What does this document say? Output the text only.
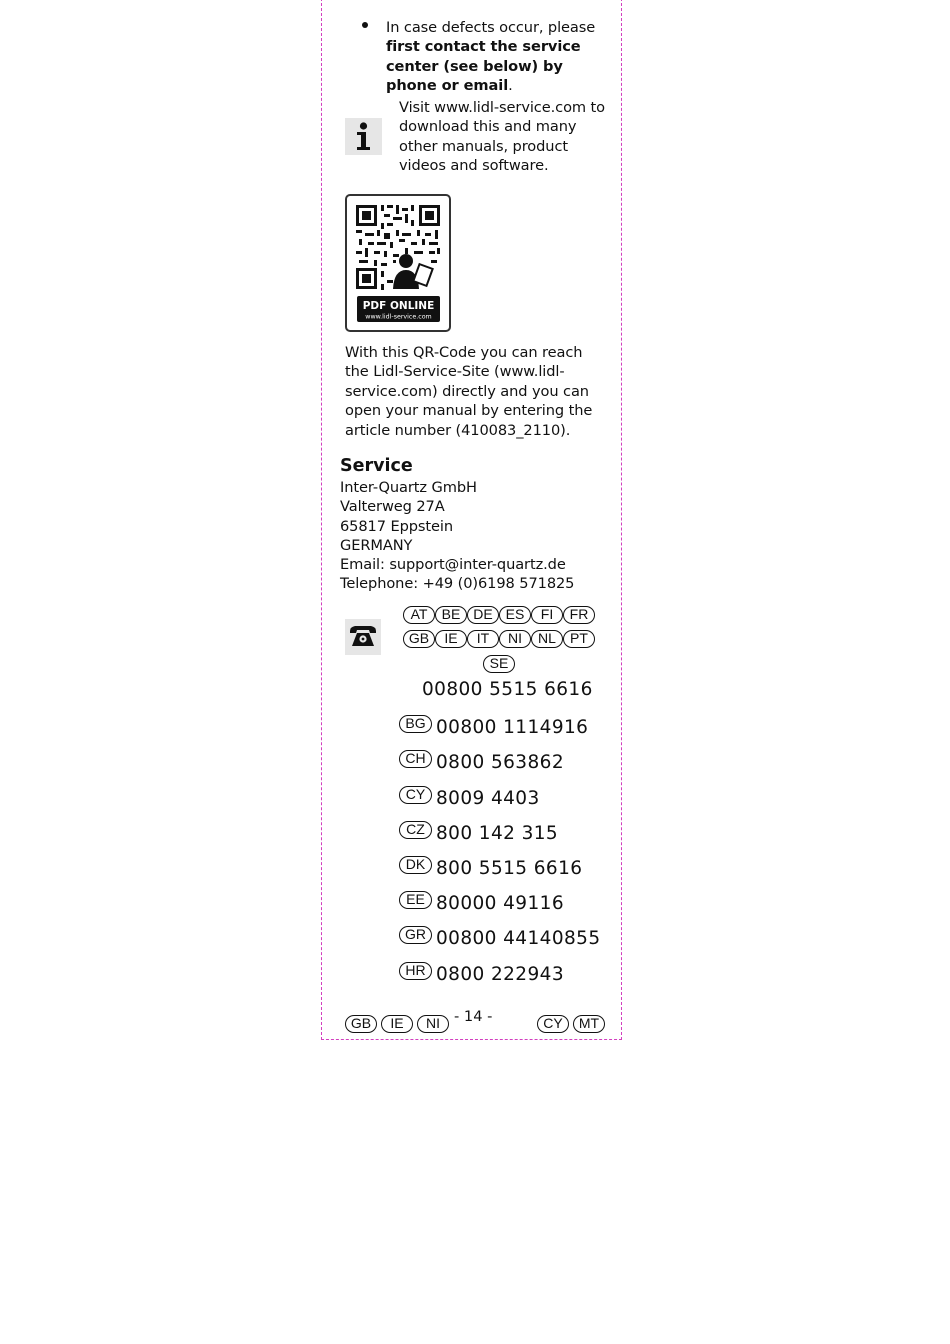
In case defects occur, please first contact the service center (see below) by phone or email.
Visit www.lidl-service.com to download this and many other manuals, product videos and software.
PDF ONLINE
www.lidl-service.com
With this QR-Code you can reach the Lidl-Service-Site (www.lidl-service.com) directly and you can open your manual by entering the article number (410083_2110).
Service
Inter-Quartz GmbH
Valterweg 27A
65817 Eppstein
GERMANY
Email: support@inter-quartz.de
Telephone: +49 (0)6198 571825
AT	BE DE ES	FI	FR
GB	IE	IT	NI	NL	PT
SE
00800 5515 6616
BG 00800 1114916
CH 0800 563862
CY 8009 4403
CZ 800 142 315
DK 800 5515 6616
EE 80000 49116
GR 00800 44140855
HR 0800 222943
GB	IE	NI - 14 -	CY	MT
